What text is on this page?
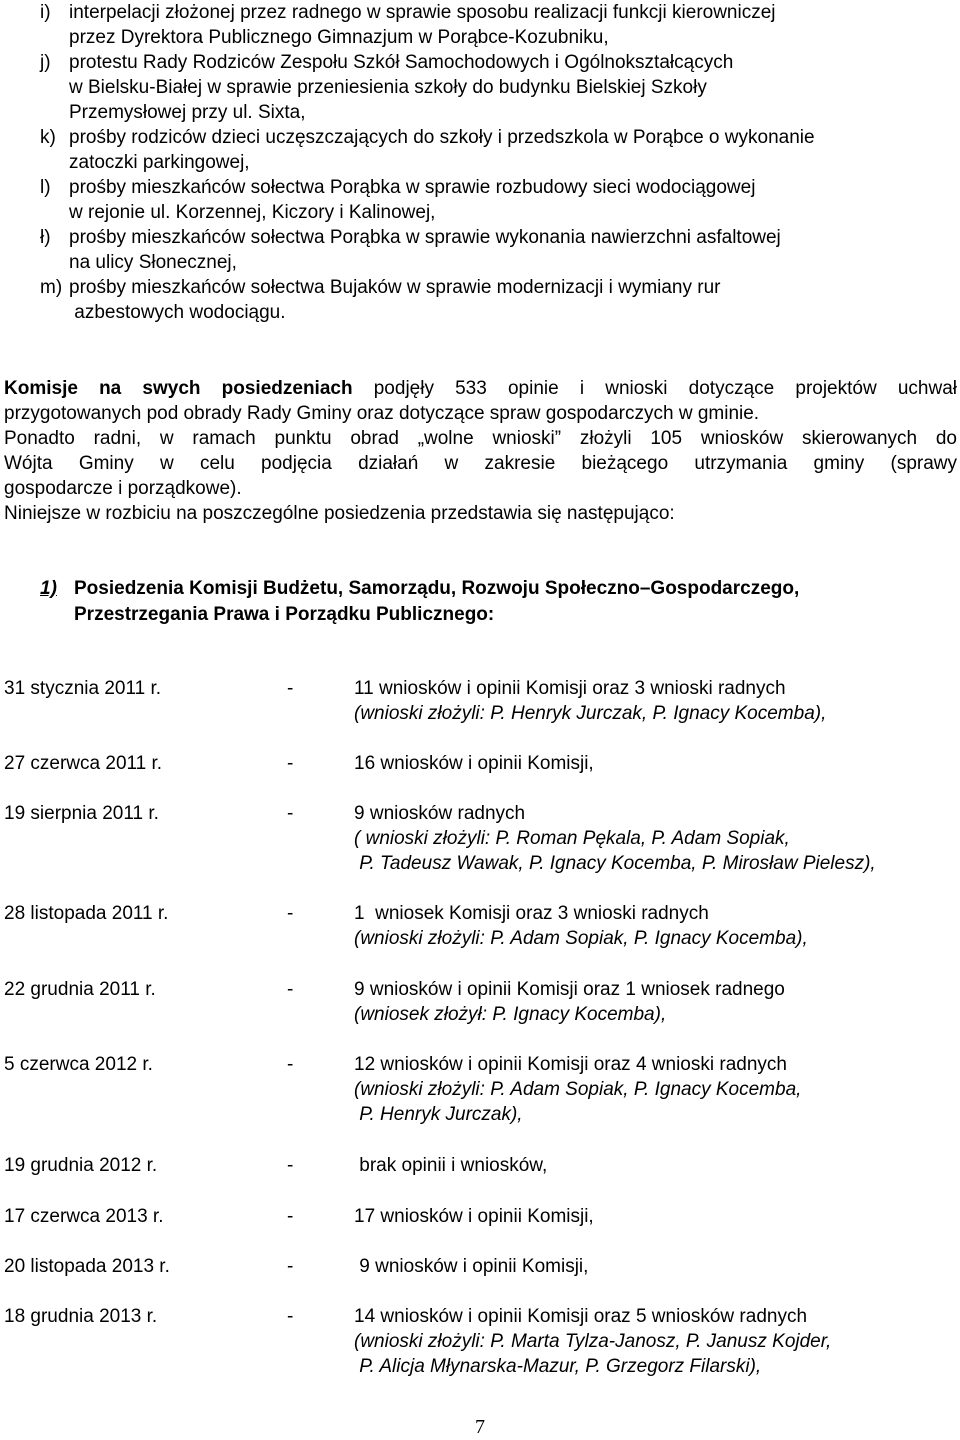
i) interpelacji złożonej przez radnego w sprawie sposobu realizacji funkcji kierowniczej
przez Dyrektora Publicznego Gimnazjum w Porąbce-Kozubniku,
j) protestu Rady Rodziców Zespołu Szkół Samochodowych i Ogólnokształcących
w Bielsku-Białej w sprawie przeniesienia szkoły do budynku Bielskiej Szkoły
Przemysłowej przy ul. Sixta,
k) prośby rodziców dzieci uczęszczających do szkoły i przedszkola w Porąbce o wykonanie
zatoczki parkingowej,
l) prośby mieszkańców sołectwa Porąbka w sprawie rozbudowy sieci wodociągowej
w rejonie ul. Korzennej, Kiczory i Kalinowej,
ł) prośby mieszkańców sołectwa Porąbka w sprawie wykonania nawierzchni asfaltowej
na ulicy Słonecznej,
m) prośby mieszkańców sołectwa Bujaków w sprawie modernizacji i wymiany rur
azbestowych wodociągu.

Komisje na swych posiedzeniach podjęły 533 opinie i wnioski dotyczące projektów uchwał

przygotowanych pod obrady Rady Gminy oraz dotyczące spraw gospodarczych w gminie.

Ponadto radni, w ramach punktu obrad „wolne wnioski” złożyli 105 wniosków skierowanych do

Wójta Gminy w celu podjęcia działań w zakresie bieżącego utrzymania gminy (sprawy

gospodarcze i porządkowe).

Niniejsze w rozbiciu na poszczególne posiedzenia przedstawia się następująco:

1) Posiedzenia Komisji Budżetu, Samorządu, Rozwoju Społeczno–Gospodarczego,
Przestrzegania Prawa i Porządku Publicznego:
31 stycznia 2011 r.	-	11 wniosków i opinii Komisji oraz 3 wnioski radnych
(wnioski złożyli: P. Henryk Jurczak, P. Ignacy Kocemba),
27 czerwca 2011 r.	-	16 wniosków i opinii Komisji,
19 sierpnia 2011 r.	-	9 wniosków radnych
( wnioski złożyli: P. Roman Pękala, P. Adam Sopiak,
P. Tadeusz Wawak, P. Ignacy Kocemba, P. Mirosław Pielesz),
28 listopada 2011 r.	-	1  wniosek Komisji oraz 3 wnioski radnych
(wnioski złożyli: P. Adam Sopiak, P. Ignacy Kocemba),
22 grudnia 2011 r.	-	9 wniosków i opinii Komisji oraz 1 wniosek radnego
(wniosek złożył: P. Ignacy Kocemba),
5 czerwca 2012 r.	-	12 wniosków i opinii Komisji oraz 4 wnioski radnych
(wnioski złożyli: P. Adam Sopiak, P. Ignacy Kocemba,
P. Henryk Jurczak),
19 grudnia 2012 r.	-	brak opinii i wniosków,
17 czerwca 2013 r.	-	17 wniosków i opinii Komisji,
20 listopada 2013 r.	-	9 wniosków i opinii Komisji,
18 grudnia 2013 r.	-	14 wniosków i opinii Komisji oraz 5 wniosków radnych
(wnioski złożyli: P. Marta Tylza-Janosz, P. Janusz Kojder,
P. Alicja Młynarska-Mazur, P. Grzegorz Filarski),
7
